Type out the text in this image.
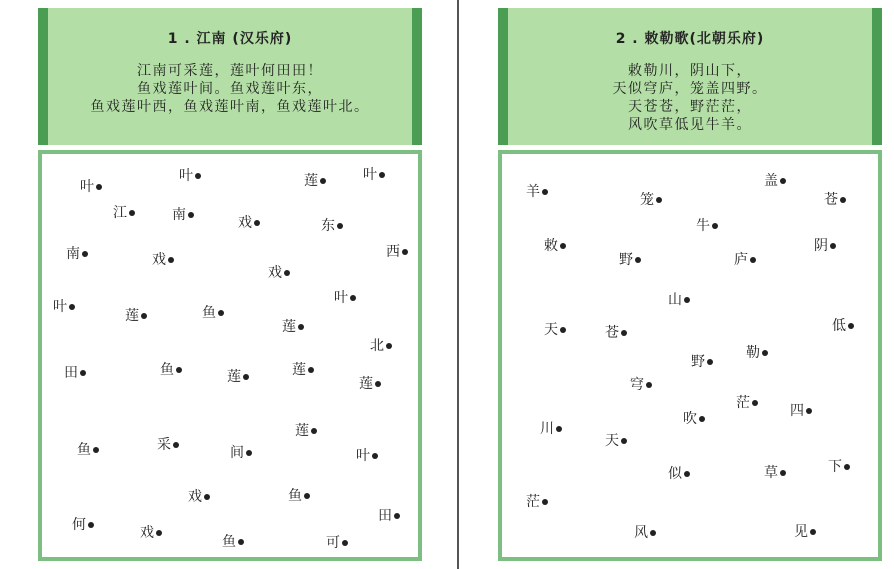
1 . 江南 (汉乐府)
江南可采莲，莲叶何田田！
鱼戏莲叶间。鱼戏莲叶东，
鱼戏莲叶西，鱼戏莲叶南，鱼戏莲叶北。
叶
叶	莲	叶
江	南	戏	东
南	戏	西
戏
叶
叶
莲	鱼
莲
北
田	鱼	莲	莲
莲
莲
鱼	采	间	叶
戏	鱼
田
何	戏
鱼	可
2 . 敕勒歌(北朝乐府)
敕勒川，阴山下，
天似穹庐，笼盖四野。
天苍苍，野茫茫，
风吹草低见牛羊。
盖
羊	笼	苍
牛
敕	阴
野	庐
山
天	苍	低
勒
野
穹
茫	四
吹
川
天
下
似	草
茫
风	见
